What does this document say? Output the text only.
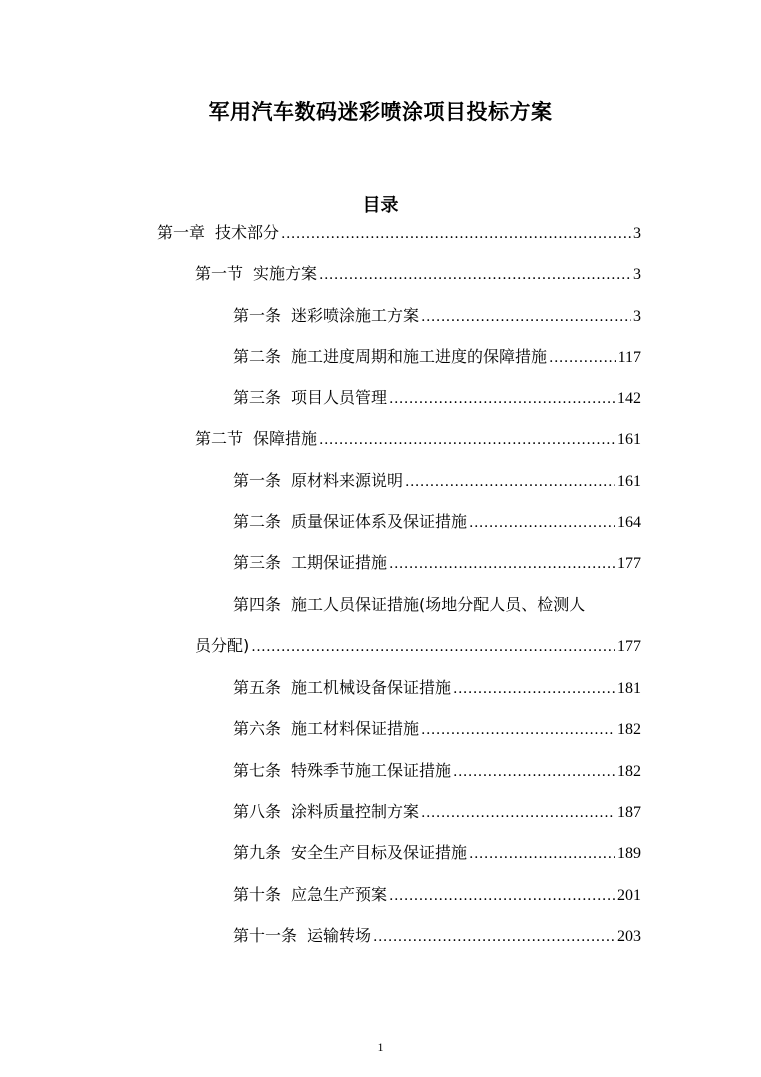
军用汽车数码迷彩喷涂项目投标方案
目录
第一章 技术部分 .....	3
第一节 实施方案 .....	3
第一条 迷彩喷涂施工方案 .....	3
第二条 施工进度周期和施工进度的保障措施 .....	117
第三条 项目人员管理 .....	142
第二节 保障措施 .....	161
第一条 原材料来源说明 .....	161
第二条 质量保证体系及保证措施 .....	164
第三条 工期保证措施 .....	177
第四条 施工人员保证措施(场地分配人员、检测人
员分配) .....	177
第五条 施工机械设备保证措施 .....	181
第六条 施工材料保证措施 .....	182
第七条 特殊季节施工保证措施 .....	182
第八条 涂料质量控制方案 .....	187
第九条 安全生产目标及保证措施 .....	189
第十条 应急生产预案 .....	201
第十一条 运输转场 .....	203
1
